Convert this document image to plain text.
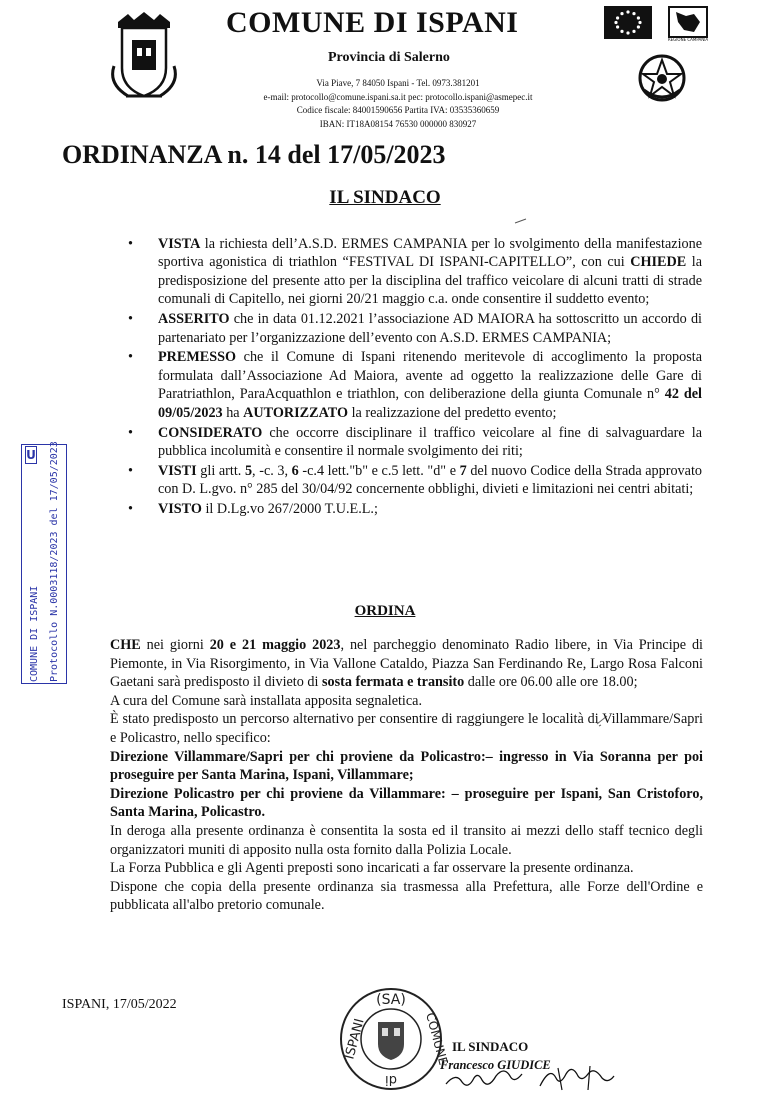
COMUNE DI ISPANI
Provincia di Salerno
Via Piave, 7 84050 Ispani - Tel. 0973.381201
e-mail: protocollo@comune.ispani.sa.it pec: protocollo.ispani@asmepec.it
Codice fiscale: 84001590656 Partita IVA: 03535360659
IBAN: IT18A08154 76530 000000 830927
REGIONE CAMPANIA
ORDINANZA n. 14 del 17/05/2023
IL SINDACO
• VISTA la richiesta dell’A.S.D. ERMES CAMPANIA per lo svolgimento della manifestazione sportiva agonistica di triathlon “FESTIVAL DI ISPANI-CAPITELLO”, con cui CHIEDE la predisposizione del presente atto per la disciplina del traffico veicolare di alcuni tratti di strade comunali di Capitello, nei giorni 20/21 maggio c.a. onde consentire il suddetto evento;
• ASSERITO che in data 01.12.2021 l’associazione AD MAIORA ha sottoscritto un accordo di partenariato per l’organizzazione dell’evento con A.S.D. ERMES CAMPANIA;
• PREMESSO che il Comune di Ispani ritenendo meritevole di accoglimento la proposta formulata dall’Associazione Ad Maiora, avente ad oggetto la realizzazione delle Gare di Paratriathlon, ParaAcquathlon e triathlon, con deliberazione della giunta Comunale n° 42 del 09/05/2023 ha AUTORIZZATO la realizzazione del predetto evento;
• CONSIDERATO che occorre disciplinare il traffico veicolare al fine di salvaguardare la pubblica incolumità e consentire il normale svolgimento dei riti;
• VISTI gli artt. 5, -c. 3, 6 -c.4 lett."b" e c.5 lett. "d" e 7 del nuovo Codice della Strada approvato con D. L.gvo. n° 285 del 30/04/92 concernente obblighi, divieti e limitazioni nei centri abitati;
• VISTO il D.Lg.vo 267/2000 T.U.E.L.;
ORDINA

CHE nei giorni 20 e 21 maggio 2023, nel parcheggio denominato Radio libere, in Via Principe di Piemonte, in Via Risorgimento, in Via Vallone Cataldo, Piazza San Ferdinando Re, Largo Rosa Falconi Gaetani sarà predisposto il divieto di sosta fermata e transito dalle ore 06.00 alle ore 18.00;

A cura del Comune sarà installata apposita segnaletica.

È stato predisposto un percorso alternativo per consentire di raggiungere le località di Villammare/Sapri e Policastro, nello specifico:

Direzione Villammare/Sapri per chi proviene da Policastro:– ingresso in Via Soranna per poi proseguire per Santa Marina, Ispani, Villammare;

Direzione Policastro per chi proviene da Villammare: – proseguire per Ispani, San Cristoforo, Santa Marina, Policastro.

In deroga alla presente ordinanza è consentita la sosta ed il transito ai mezzi dello staff tecnico degli organizzatori muniti di apposito nulla osta fornito dalla Polizia Locale.

La Forza Pubblica e gli Agenti preposti sono incaricati a far osservare la presente ordinanza.

Dispone che copia della presente ordinanza sia trasmessa alla Prefettura, alle Forze dell'Ordine e pubblicata all'albo pretorio comunale.

ISPANI, 17/05/2022	(SA)
ISPANI	COMUNE
di
IL SINDACO
Francesco GIUDICE
U
COMUNE DI ISPANI Protocollo N.0003118/2023 del 17/05/2023
